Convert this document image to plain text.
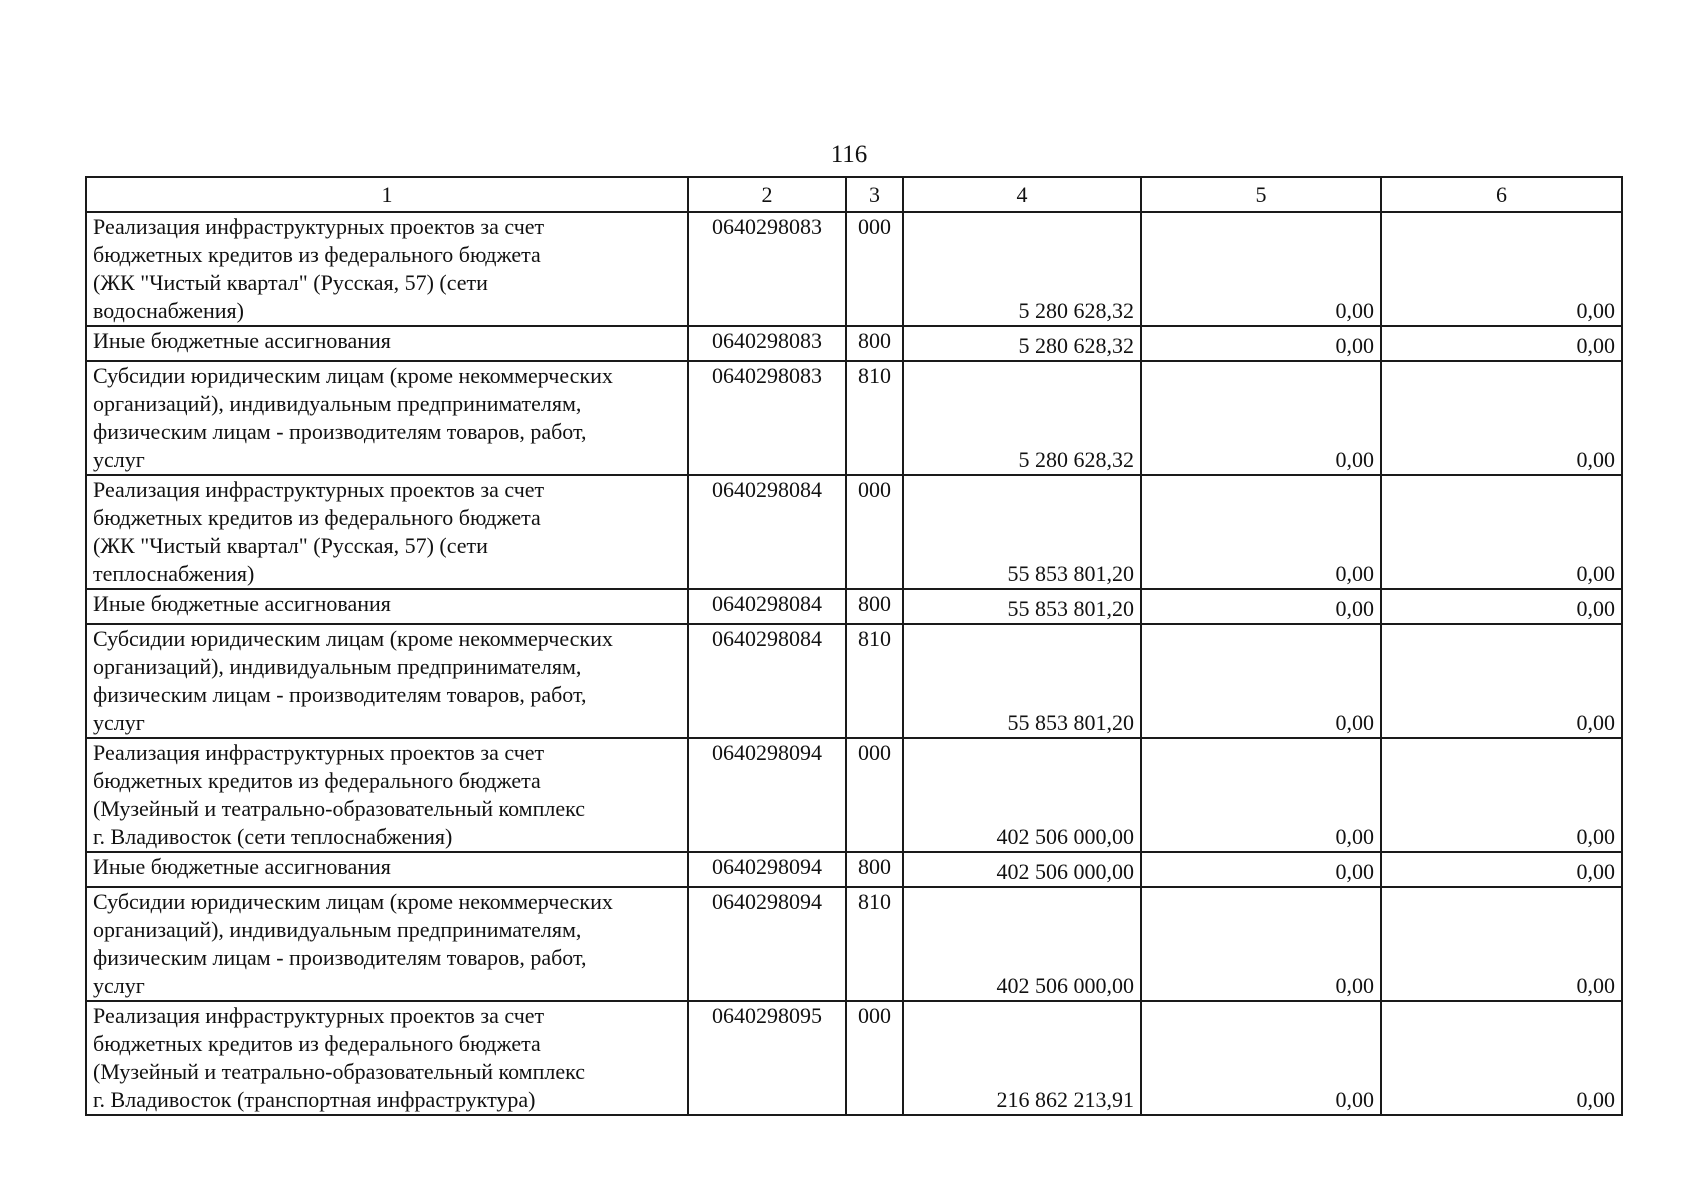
116
1	2	3	4	5	6
Реализация инфраструктурных проектов за счет
бюджетных кредитов из федерального бюджета
(ЖК "Чистый квартал" (Русская, 57) (сети
водоснабжения)	0640298083	000	5 280 628,32	0,00	0,00
Иные бюджетные ассигнования	0640298083	800	5 280 628,32	0,00	0,00
Субсидии юридическим лицам (кроме некоммерческих
организаций), индивидуальным предпринимателям,
физическим лицам - производителям товаров, работ,
услуг	0640298083	810	5 280 628,32	0,00	0,00
Реализация инфраструктурных проектов за счет
бюджетных кредитов из федерального бюджета
(ЖК "Чистый квартал" (Русская, 57) (сети
теплоснабжения)	0640298084	000	55 853 801,20	0,00	0,00
Иные бюджетные ассигнования	0640298084	800	55 853 801,20	0,00	0,00
Субсидии юридическим лицам (кроме некоммерческих
организаций), индивидуальным предпринимателям,
физическим лицам - производителям товаров, работ,
услуг	0640298084	810	55 853 801,20	0,00	0,00
Реализация инфраструктурных проектов за счет
бюджетных кредитов из федерального бюджета
(Музейный и театрально-образовательный комплекс
г. Владивосток (сети теплоснабжения)	0640298094	000	402 506 000,00	0,00	0,00
Иные бюджетные ассигнования	0640298094	800	402 506 000,00	0,00	0,00
Субсидии юридическим лицам (кроме некоммерческих
организаций), индивидуальным предпринимателям,
физическим лицам - производителям товаров, работ,
услуг	0640298094	810	402 506 000,00	0,00	0,00
Реализация инфраструктурных проектов за счет
бюджетных кредитов из федерального бюджета
(Музейный и театрально-образовательный комплекс
г. Владивосток (транспортная инфраструктура)	0640298095	000	216 862 213,91	0,00	0,00
